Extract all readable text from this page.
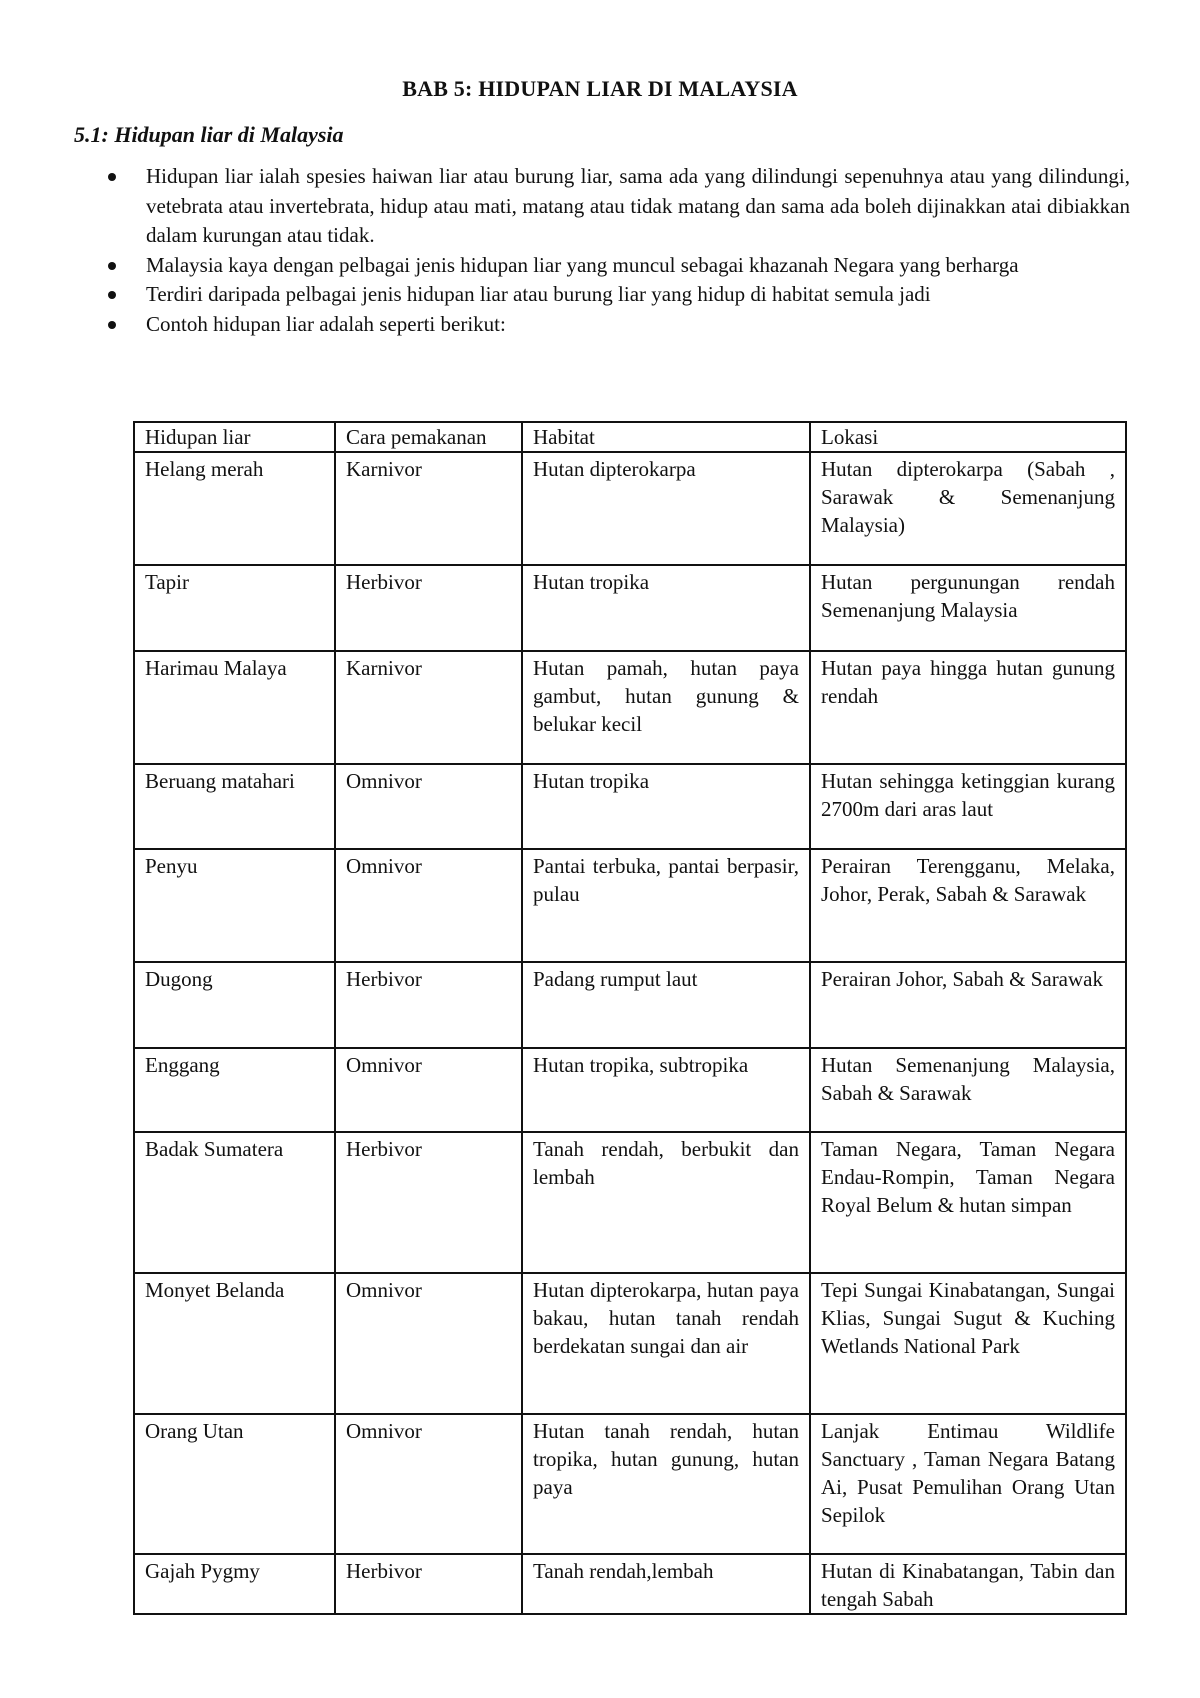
BAB 5: HIDUPAN LIAR DI MALAYSIA
5.1: Hidupan liar di Malaysia
Hidupan liar ialah spesies haiwan liar atau burung liar, sama ada yang dilindungi sepenuhnya atau yang dilindungi, vetebrata atau invertebrata, hidup atau mati, matang atau tidak matang dan sama ada boleh dijinakkan atai dibiakkan dalam kurungan atau tidak.
Malaysia kaya dengan pelbagai jenis hidupan liar yang muncul sebagai khazanah Negara yang berharga
Terdiri daripada pelbagai jenis hidupan liar atau burung liar yang hidup di habitat semula jadi
Contoh hidupan liar adalah seperti berikut:
Hidupan liar	Cara pemakanan	Habitat	Lokasi
Helang merah	Karnivor	Hutan dipterokarpa	Hutan dipterokarpa (Sabah , Sarawak & Semenanjung Malaysia)
Tapir	Herbivor	Hutan tropika	Hutan pergunungan rendah Semenanjung Malaysia
Harimau Malaya	Karnivor	Hutan pamah, hutan paya gambut, hutan gunung & belukar kecil	Hutan paya hingga hutan gunung rendah
Beruang matahari	Omnivor	Hutan tropika	Hutan sehingga ketinggian kurang 2700m dari aras laut
Penyu	Omnivor	Pantai terbuka, pantai berpasir, pulau	Perairan Terengganu, Melaka, Johor, Perak, Sabah & Sarawak
Dugong	Herbivor	Padang rumput laut	Perairan Johor, Sabah & Sarawak
Enggang	Omnivor	Hutan tropika, subtropika	Hutan Semenanjung Malaysia, Sabah & Sarawak
Badak Sumatera	Herbivor	Tanah rendah, berbukit dan lembah	Taman Negara, Taman Negara Endau-Rompin, Taman Negara Royal Belum & hutan simpan
Monyet Belanda	Omnivor	Hutan dipterokarpa, hutan paya bakau, hutan tanah rendah berdekatan sungai dan air	Tepi Sungai Kinabatangan, Sungai Klias, Sungai Sugut & Kuching Wetlands National Park
Orang Utan	Omnivor	Hutan tanah rendah, hutan tropika, hutan gunung, hutan paya	Lanjak Entimau Wildlife Sanctuary , Taman Negara Batang Ai, Pusat Pemulihan Orang Utan Sepilok
Gajah Pygmy	Herbivor	Tanah rendah,lembah	Hutan di Kinabatangan, Tabin dan tengah Sabah
